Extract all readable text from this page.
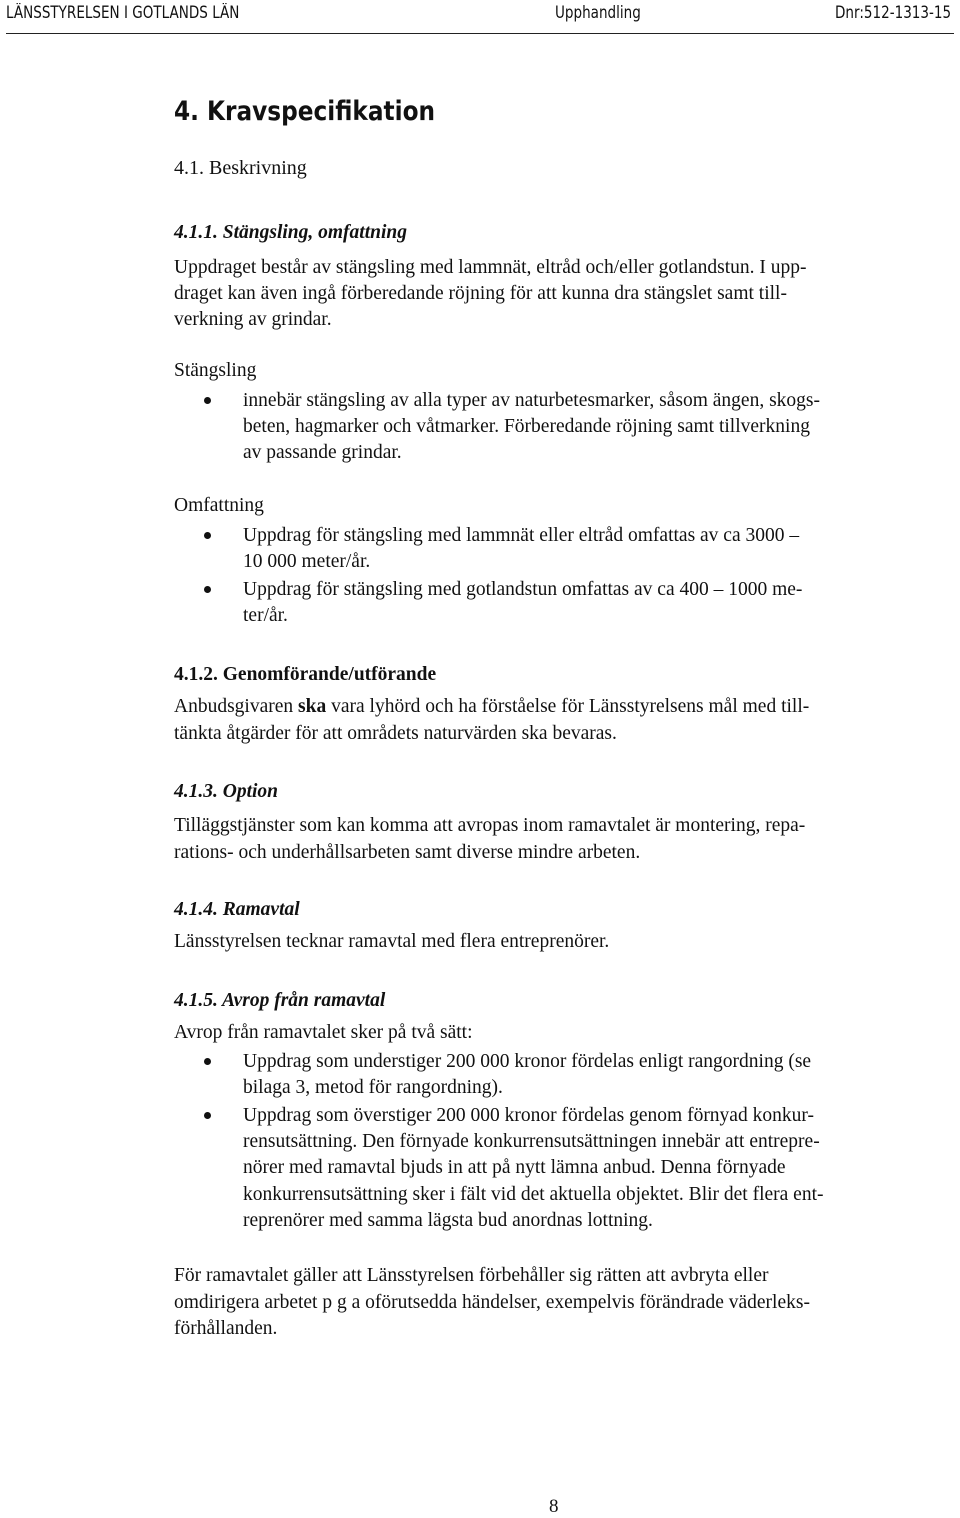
LÄNSSTYRELSEN I GOTLANDS LÄN	Upphandling	Dnr:512-1313-15
4. Kravspecifikation
4.1. Beskrivning
4.1.1. Stängsling, omfattning
Uppdraget består av stängsling med lammnät, eltråd och/eller gotlandstun. I upp-
draget kan även ingå förberedande röjning för att kunna dra stängslet samt till-
verkning av grindar.
Stängsling
innebär stängsling av alla typer av naturbetesmarker, såsom ängen, skogs-
beten, hagmarker och våtmarker. Förberedande röjning samt tillverkning
av passande grindar.
Omfattning
Uppdrag för stängsling med lammnät eller eltråd omfattas av ca 3000 –
10 000 meter/år.
Uppdrag för stängsling med gotlandstun omfattas av ca 400 – 1000 me-
ter/år.
4.1.2. Genomförande/utförande
Anbudsgivaren ska vara lyhörd och ha förståelse för Länsstyrelsens mål med till-
tänkta åtgärder för att områdets naturvärden ska bevaras.
4.1.3. Option
Tilläggstjänster som kan komma att avropas inom ramavtalet är montering, repa-
rations- och underhållsarbeten samt diverse mindre arbeten.
4.1.4. Ramavtal
Länsstyrelsen tecknar ramavtal med flera entreprenörer.
4.1.5. Avrop från ramavtal
Avrop från ramavtalet sker på två sätt:
Uppdrag som understiger 200 000 kronor fördelas enligt rangordning (se
bilaga 3, metod för rangordning).
Uppdrag som överstiger 200 000 kronor fördelas genom förnyad konkur-
rensutsättning. Den förnyade konkurrensutsättningen innebär att entrepre-
nörer med ramavtal bjuds in att på nytt lämna anbud. Denna förnyade
konkurrensutsättning sker i fält vid det aktuella objektet. Blir det flera ent-
reprenörer med samma lägsta bud anordnas lottning.
För ramavtalet gäller att Länsstyrelsen förbehåller sig rätten att avbryta eller
omdirigera arbetet p g a oförutsedda händelser, exempelvis förändrade väderleks-
förhållanden.
8
